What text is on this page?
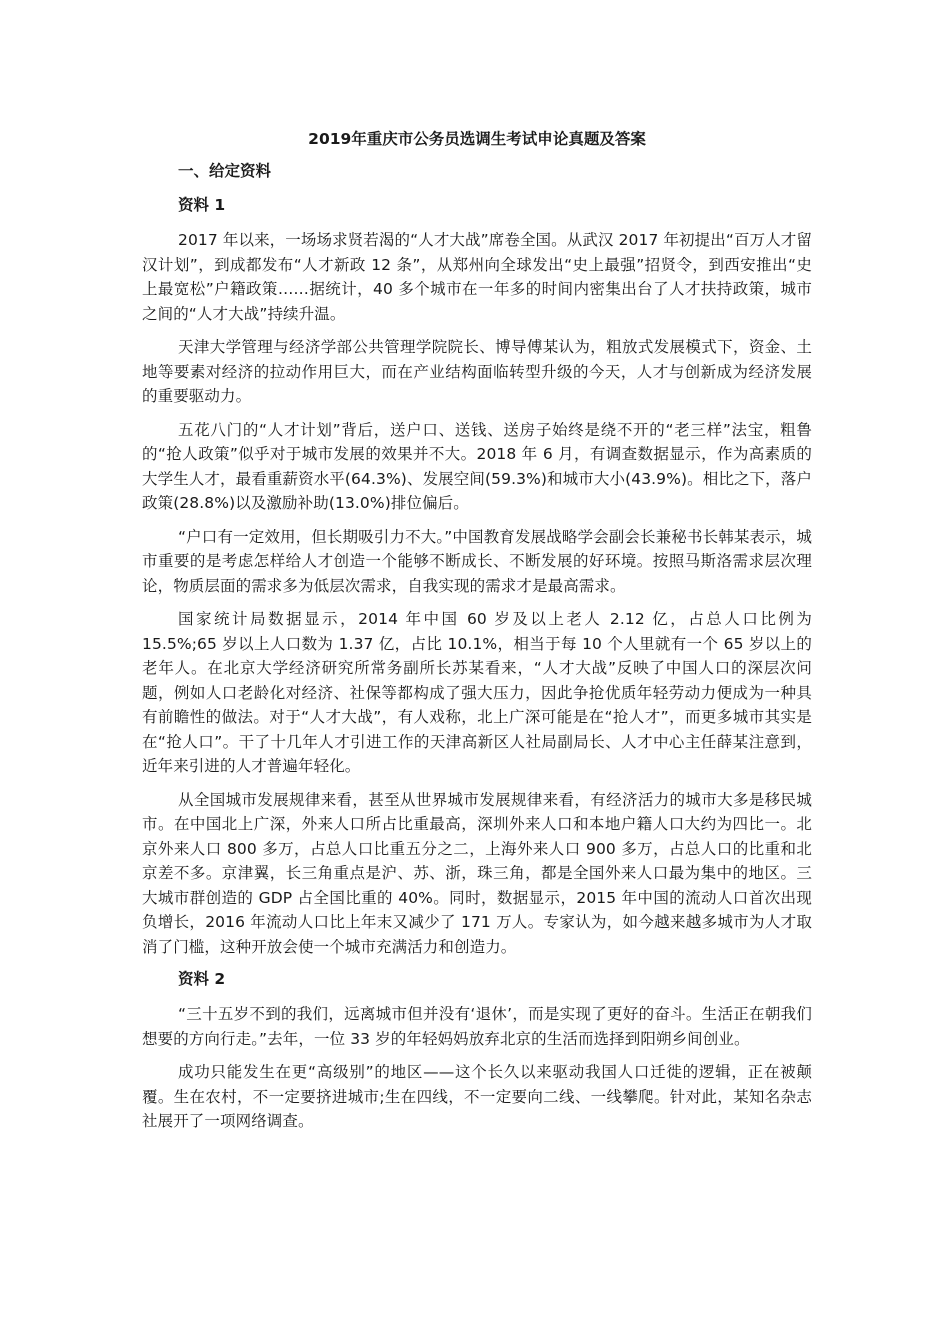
2019年重庆市公务员选调生考试申论真题及答案
一、给定资料
资料 1

2017 年以来，一场场求贤若渴的“人才大战”席卷全国。从武汉 2017 年初提出“百万人才留汉计划”，到成都发布“人才新政 12 条”，从郑州向全球发出“史上最强”招贤令，到西安推出“史上最宽松”户籍政策……据统计，40 多个城市在一年多的时间内密集出台了人才扶持政策，城市之间的“人才大战”持续升温。

天津大学管理与经济学部公共管理学院院长、博导傅某认为，粗放式发展模式下，资金、土地等要素对经济的拉动作用巨大，而在产业结构面临转型升级的今天，人才与创新成为经济发展的重要驱动力。

五花八门的“人才计划”背后，送户口、送钱、送房子始终是绕不开的“老三样”法宝，粗鲁的“抢人政策”似乎对于城市发展的效果并不大。2018 年 6 月，有调查数据显示，作为高素质的大学生人才，最看重薪资水平(64.3%)、发展空间(59.3%)和城市大小(43.9%)。相比之下，落户政策(28.8%)以及激励补助(13.0%)排位偏后。

“户口有一定效用，但长期吸引力不大。”中国教育发展战略学会副会长兼秘书长韩某表示，城市重要的是考虑怎样给人才创造一个能够不断成长、不断发展的好环境。按照马斯洛需求层次理论，物质层面的需求多为低层次需求，自我实现的需求才是最高需求。

国家统计局数据显示，2014 年中国 60 岁及以上老人 2.12 亿，占总人口比例为 15.5%;65 岁以上人口数为 1.37 亿，占比 10.1%，相当于每 10 个人里就有一个 65 岁以上的老年人。在北京大学经济研究所常务副所长苏某看来，“人才大战”反映了中国人口的深层次问题，例如人口老龄化对经济、社保等都构成了强大压力，因此争抢优质年轻劳动力便成为一种具有前瞻性的做法。对于“人才大战”，有人戏称，北上广深可能是在“抢人才”，而更多城市其实是在“抢人口”。干了十几年人才引进工作的天津高新区人社局副局长、人才中心主任薛某注意到，近年来引进的人才普遍年轻化。

从全国城市发展规律来看，甚至从世界城市发展规律来看，有经济活力的城市大多是移民城市。在中国北上广深，外来人口所占比重最高，深圳外来人口和本地户籍人口大约为四比一。北京外来人口 800 多万，占总人口比重五分之二，上海外来人口 900 多万，占总人口的比重和北京差不多。京津翼，长三角重点是沪、苏、浙，珠三角，都是全国外来人口最为集中的地区。三大城市群创造的 GDP 占全国比重的 40%。同时，数据显示，2015 年中国的流动人口首次出现负增长，2016 年流动人口比上年末又减少了 171 万人。专家认为，如今越来越多城市为人才取消了门槛，这种开放会使一个城市充满活力和创造力。

资料 2

“三十五岁不到的我们，远离城市但并没有‘退休’，而是实现了更好的奋斗。生活正在朝我们想要的方向行走。”去年，一位 33 岁的年轻妈妈放弃北京的生活而选择到阳朔乡间创业。

成功只能发生在更“高级别”的地区——这个长久以来驱动我国人口迁徙的逻辑，正在被颠覆。生在农村，不一定要挤进城市;生在四线，不一定要向二线、一线攀爬。针对此，某知名杂志社展开了一项网络调查。
